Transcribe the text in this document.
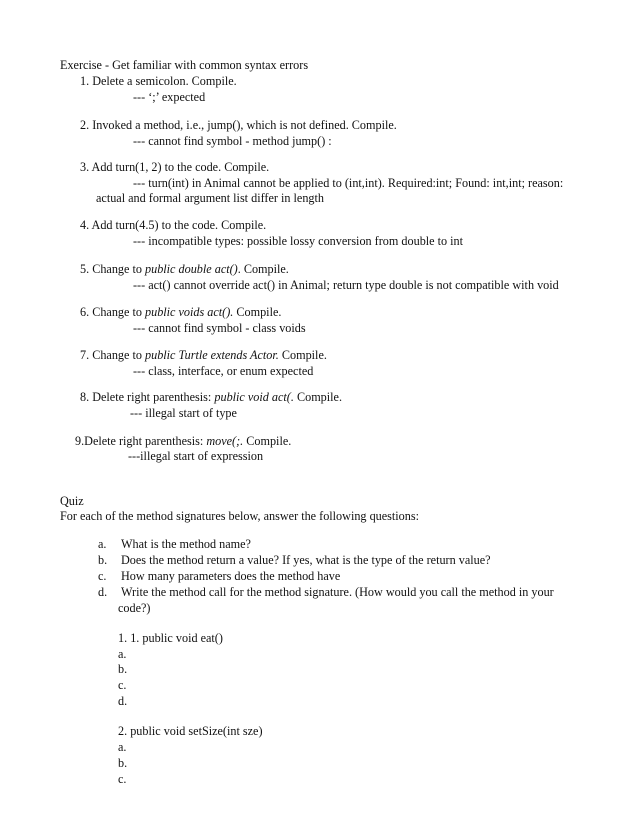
Exercise - Get familiar with common syntax errors
1. Delete a semicolon. Compile.
--- ‘;’ expected
2. Invoked a method, i.e., jump(), which is not defined. Compile.
--- cannot find symbol - method jump() :
3. Add turn(1, 2) to the code. Compile.
--- turn(int) in Animal cannot be applied to (int,int). Required:int; Found: int,int; reason:
actual and formal argument list differ in length
4. Add turn(4.5) to the code. Compile.
--- incompatible types: possible lossy conversion from double to int
5. Change to public double act(). Compile.
--- act() cannot override act() in Animal; return type double is not compatible with void
6. Change to public voids act(). Compile.
--- cannot find symbol - class voids
7. Change to public Turtle extends Actor. Compile.
--- class, interface, or enum expected
8. Delete right parenthesis: public void act(. Compile.
--- illegal start of type
9.Delete right parenthesis: move(;. Compile.
---illegal start of expression
Quiz
For each of the method signatures below, answer the following questions:
a. What is the method name?
b. Does the method return a value? If yes, what is the type of the return value?
c. How many parameters does the method have
d. Write the method call for the method signature. (How would you call the method in your
code?)
1. 1. public void eat()
a.
b.
c.
d.
2. public void setSize(int sze)
a.
b.
c.
